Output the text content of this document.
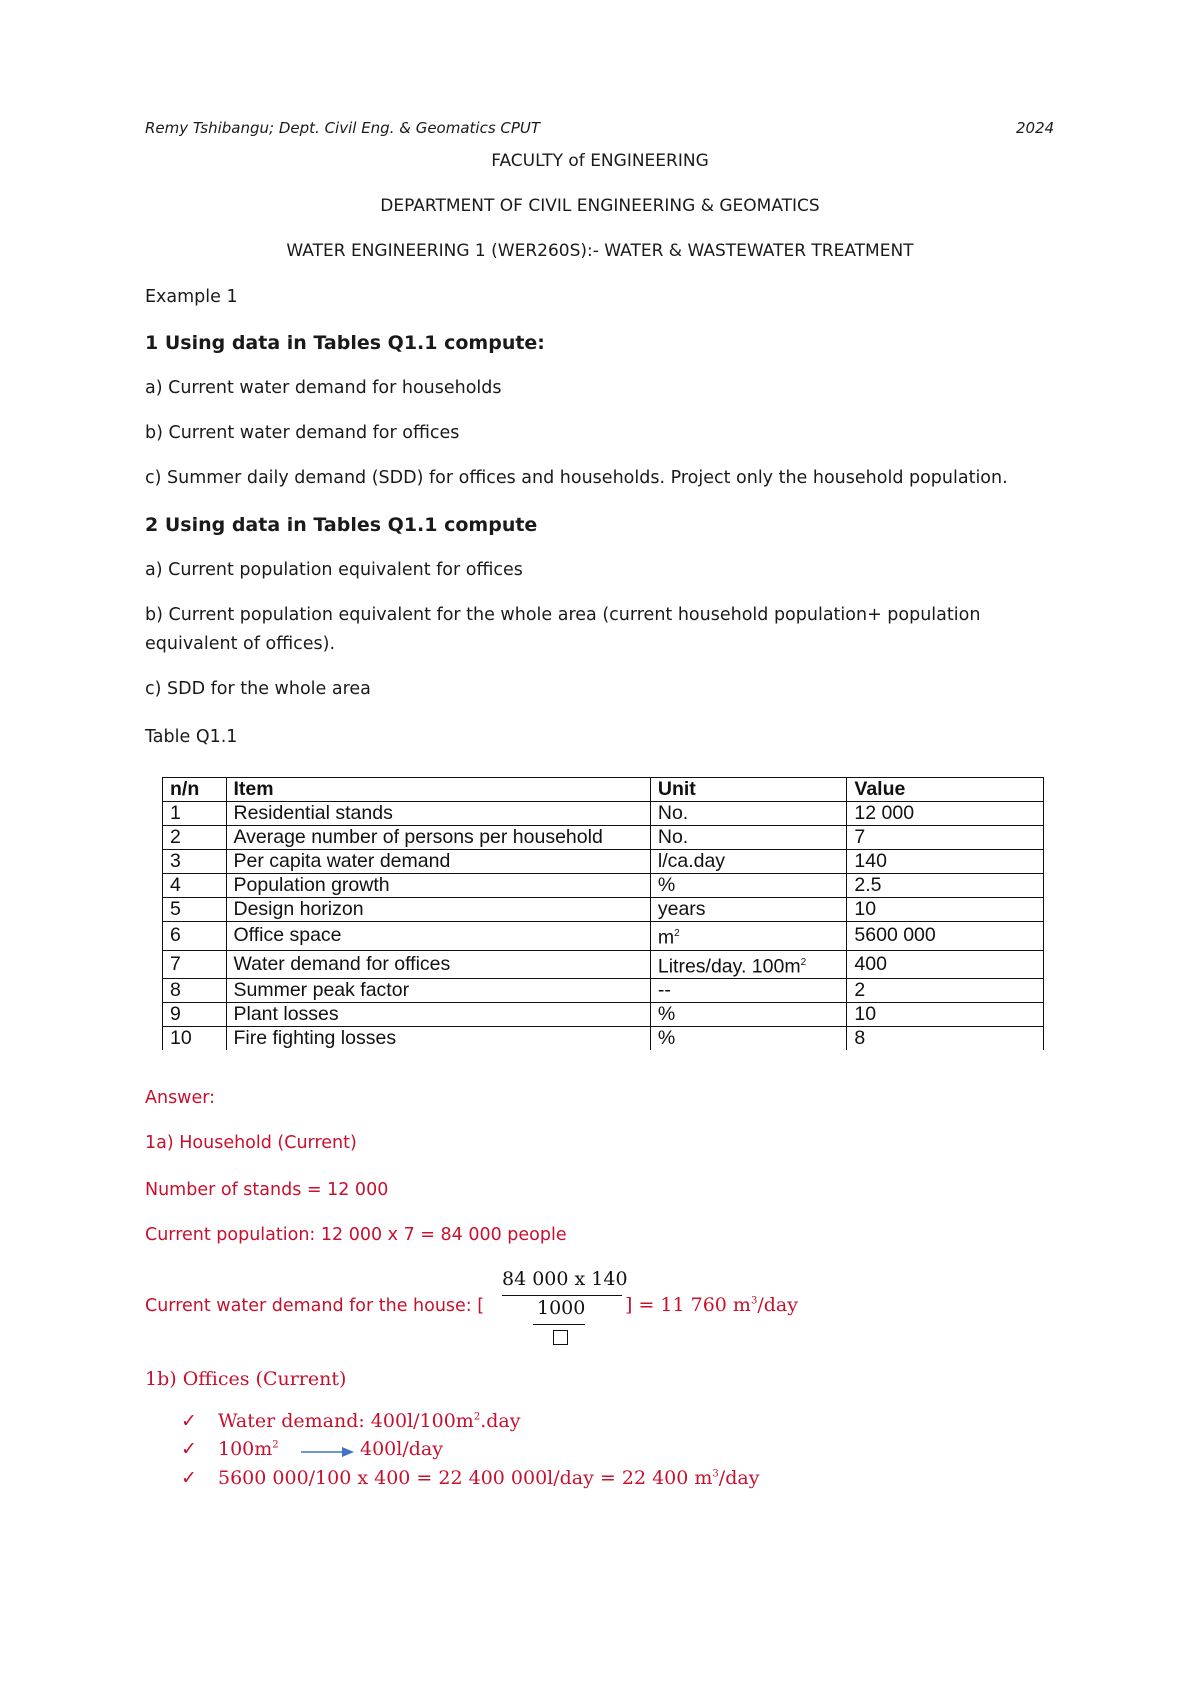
Remy Tshibangu; Dept. Civil Eng. & Geomatics CPUT	2024
FACULTY of ENGINEERING
DEPARTMENT OF CIVIL ENGINEERING & GEOMATICS
WATER ENGINEERING 1 (WER260S):- WATER & WASTEWATER TREATMENT
Example 1
1 Using data in Tables Q1.1 compute:
a) Current water demand for households
b) Current water demand for offices
c) Summer daily demand (SDD) for offices and households. Project only the household population.
2 Using data in Tables Q1.1 compute
a) Current population equivalent for offices
b) Current population equivalent for the whole area (current household population+ population
equivalent of offices).
c) SDD for the whole area
Table Q1.1
n/n	Item	Unit	Value
1	Residential stands	No.	12 000
2	Average number of persons per household	No.	7
3	Per capita water demand	l/ca.day	140
4	Population growth	%	2.5
5	Design horizon	years	10
6	Office space	$m^2$	5600 000
7	Water demand for offices	Litres/day. $100m^2$	400
8	Summer peak factor	--	2
9	Plant losses	%	10
10	Fire fighting losses	%	8
Answer:
1a) Household (Current)
Number of stands = 12 000
Current population: 12 000 x 7 = 84 000 people
Current water demand for the house: [
84 000 x 140
1000 ] = 11 760 $m^3$/day
1b) Offices (Current)
✓ Water demand: $400l/100m^2.day$
✓ $100m^2$	400l/day
✓ 5600 000/100 x 400 = 22 400 000l/day = 22 400 $m^3$/day
